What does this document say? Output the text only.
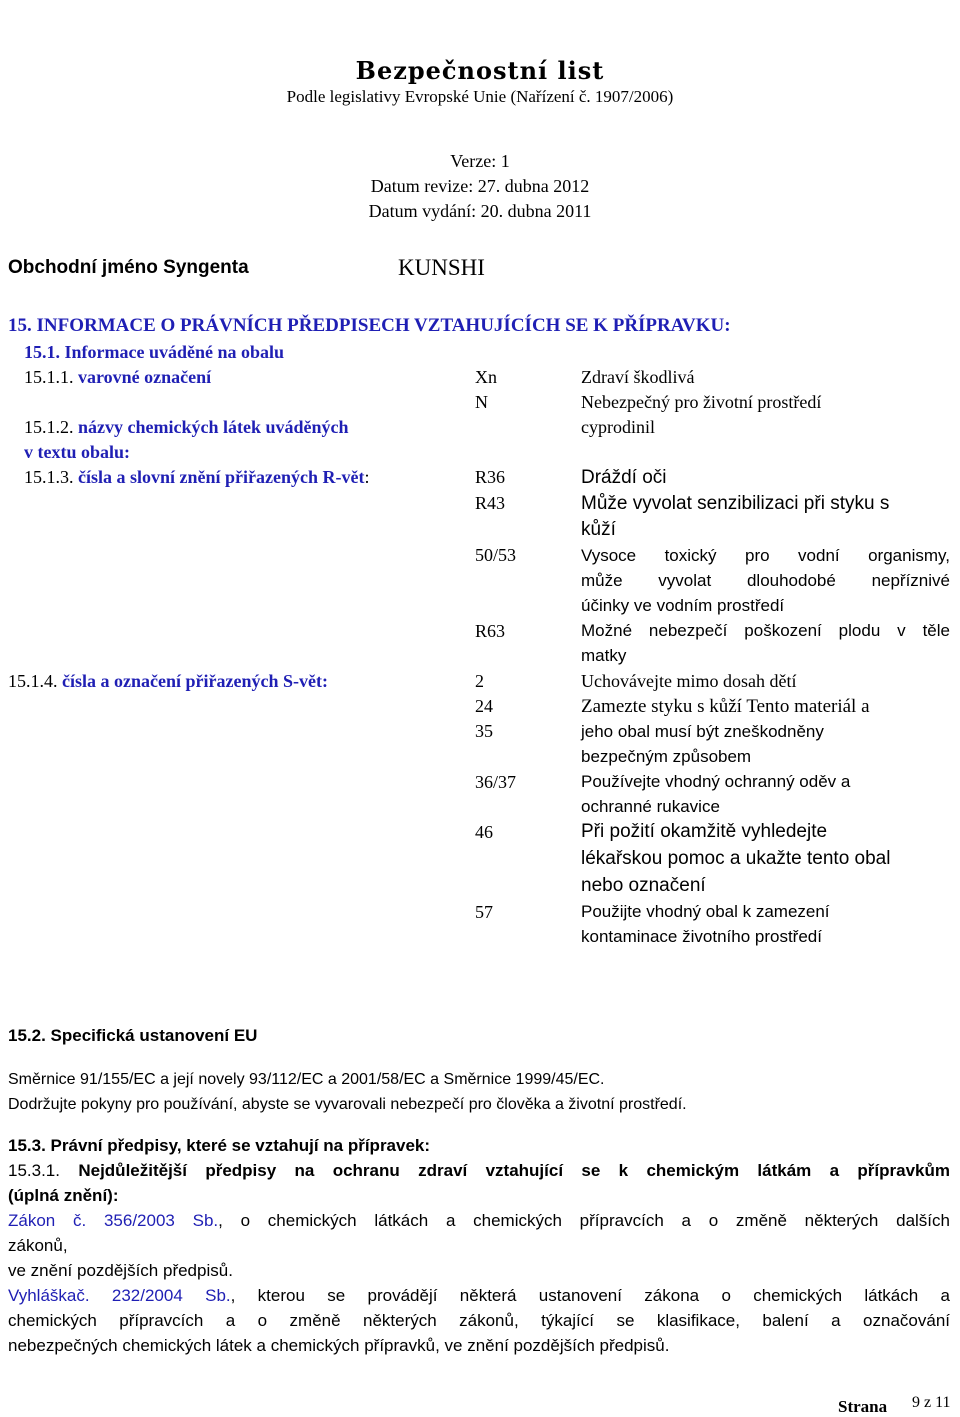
Bezpečnostní list
Podle legislativy Evropské Unie (Nařízení č. 1907/2006)
Verze: 1
Datum revize: 27. dubna 2012
Datum vydání: 20. dubna 2011
Obchodní jméno Syngenta	KUNSHI
15. INFORMACE O PRÁVNÍCH PŘEDPISECH VZTAHUJÍCÍCH SE K PŘÍPRAVKU:
15.1. Informace uváděné na obalu
15.1.1. varovné označení	Xn	Zdraví škodlivá
N	Nebezpečný pro životní prostředí
15.1.2. názvy chemických látek uváděných
v textu obalu:
cyprodinil
15.1.3. čísla a slovní znění přiřazených R-vět:	R36	Dráždí oči
R43	Může vyvolat senzibilizaci při styku s
kůží
50/53	Vysoce toxický pro vodní organismy,
může vyvolat dlouhodobé nepříznivé
účinky ve vodním prostředí
R63	Možné nebezpečí poškození plodu v těle
matky
15.1.4. čísla a označení přiřazených S-vět:	2	Uchovávejte mimo dosah dětí
24	Zamezte styku s kůží Tento materiál a
35	jeho obal musí být zneškodněny
bezpečným způsobem
36/37	Používejte vhodný ochranný oděv a
ochranné rukavice
46	Při požití okamžitě vyhledejte
lékařskou pomoc a ukažte tento obal
nebo označení
57	Použijte vhodný obal k zamezení
kontaminace životního prostředí
15.2. Specifická ustanovení EU
Směrnice 91/155/EC a její novely 93/112/EC a 2001/58/EC a Směrnice 1999/45/EC.
Dodržujte pokyny pro používání, abyste se vyvarovali nebezpečí pro člověka a životní prostředí.
15.3. Právní předpisy, které se vztahují na přípravek:
15.3.1. Nejdůležitější předpisy na ochranu zdraví vztahující se k chemickým látkám a přípravkům
(úplná znění):
Zákon č. 356/2003 Sb., o chemických látkách a chemických přípravcích a o změně některých dalších
zákonů,
ve znění pozdějších předpisů.
Vyhláškač. 232/2004 Sb., kterou se provádějí některá ustanovení zákona o chemických látkách a
chemických přípravcích a o změně některých zákonů, týkající se klasifikace, balení a označování
nebezpečných chemických látek a chemických přípravků, ve znění pozdějších předpisů.
Strana 9 z 11
